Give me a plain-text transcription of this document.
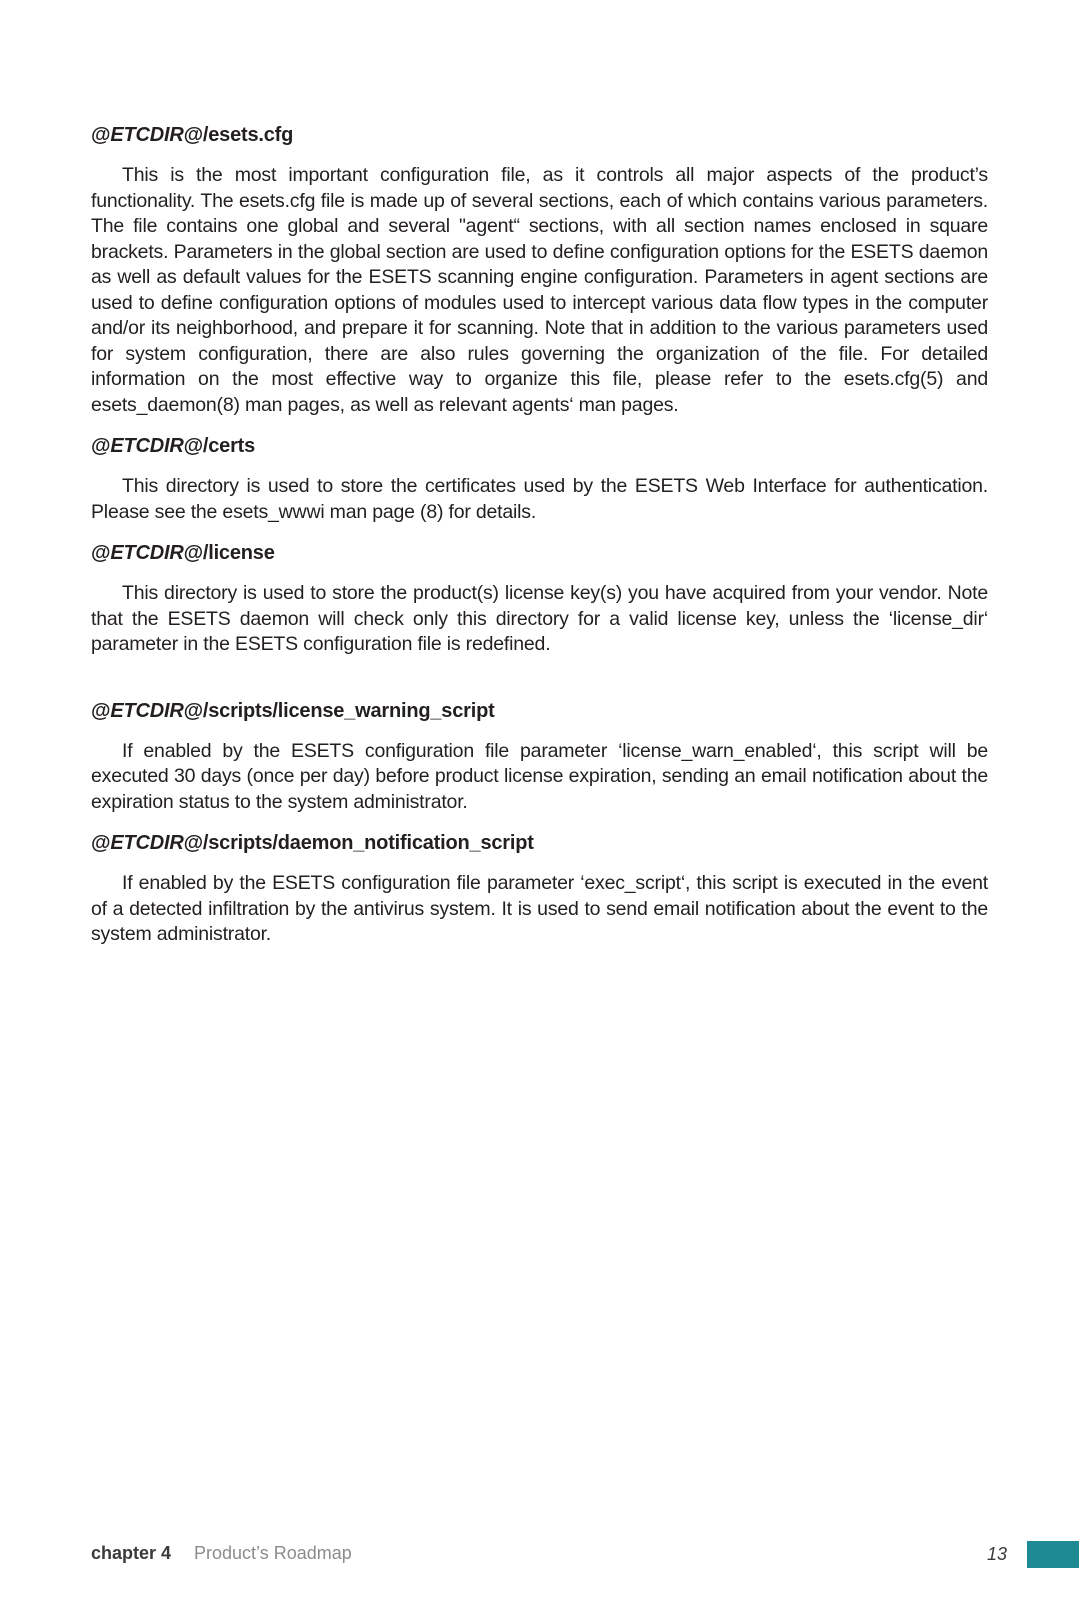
@ETCDIR@/esets.cfg

This is the most important configuration file, as it controls all major aspects of the product’s functionality. The esets.cfg file is made up of several sections, each of which contains various parameters. The file contains one global and several "agent“ sections, with all section names enclosed in square brackets. Parameters in the global section are used to define configuration options for the ESETS daemon as well as default values for the ESETS scanning engine configuration. Parameters in agent sections are used to define configuration options of modules used to intercept various data flow types in the computer and/or its neighborhood, and prepare it for scanning. Note that in addition to the various parameters used for system configuration, there are also rules governing the organization of the file. For detailed information on the most effective way to organize this file, please refer to the esets.cfg(5) and esets_daemon(8) man pages, as well as relevant agents‘ man pages.

@ETCDIR@/certs

This directory is used to store the certificates used by the ESETS Web Interface for authentication. Please see the esets_wwwi man page (8) for details.

@ETCDIR@/license

This directory is used to store the product(s) license key(s) you have acquired from your vendor. Note that the ESETS daemon will check only this directory for a valid license key, unless the ‘license_dir‘ parameter in the ESETS configuration file is redefined.

@ETCDIR@/scripts/license_warning_script

If enabled by the ESETS configuration file parameter ‘license_warn_enabled‘, this script will be executed 30 days (once per day) before product license expiration, sending an email notification about the expiration status to the system administrator.

@ETCDIR@/scripts/daemon_notification_script

If enabled by the ESETS configuration file parameter ‘exec_script‘, this script is executed in the event of a detected infiltration by the antivirus system. It is used to send email notification about the event to the system administrator.

chapter 4 Product’s Roadmap	13
